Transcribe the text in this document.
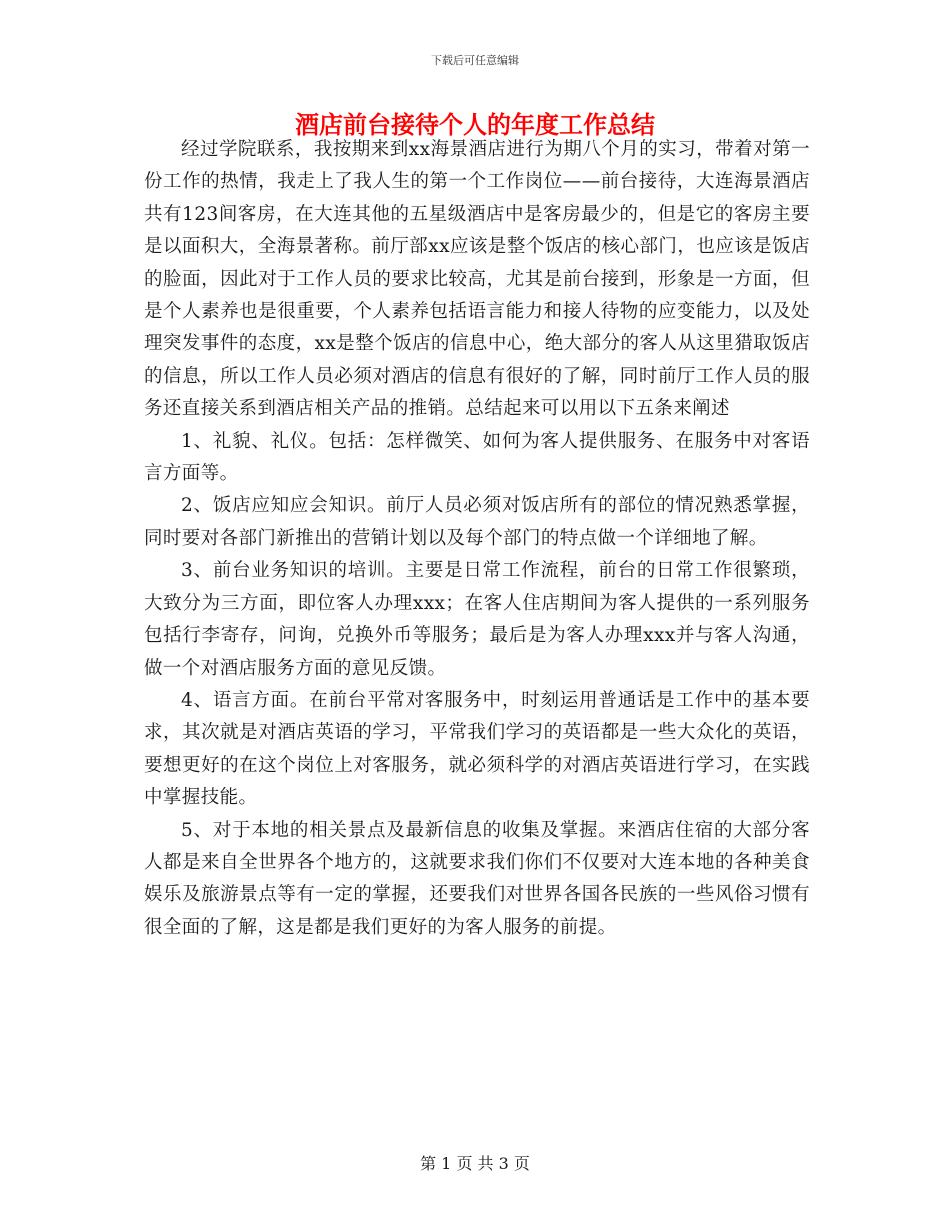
下载后可任意编辑
酒店前台接待个人的年度工作总结

经过学院联系，我按期来到xx海景酒店进行为期八个月的实习，带着对第一份工作的热情，我走上了我人生的第一个工作岗位——前台接待，大连海景酒店共有123间客房，在大连其他的五星级酒店中是客房最少的，但是它的客房主要是以面积大，全海景著称。前厅部xx应该是整个饭店的核心部门，也应该是饭店的脸面，因此对于工作人员的要求比较高，尤其是前台接到，形象是一方面，但是个人素养也是很重要，个人素养包括语言能力和接人待物的应变能力，以及处理突发事件的态度，xx是整个饭店的信息中心，绝大部分的客人从这里猎取饭店的信息，所以工作人员必须对酒店的信息有很好的了解，同时前厅工作人员的服务还直接关系到酒店相关产品的推销。总结起来可以用以下五条来阐述

1、礼貌、礼仪。包括：怎样微笑、如何为客人提供服务、在服务中对客语言方面等。

2、饭店应知应会知识。前厅人员必须对饭店所有的部位的情况熟悉掌握，同时要对各部门新推出的营销计划以及每个部门的特点做一个详细地了解。

3、前台业务知识的培训。主要是日常工作流程，前台的日常工作很繁琐，大致分为三方面，即位客人办理xxx；在客人住店期间为客人提供的一系列服务包括行李寄存，问询，兑换外币等服务；最后是为客人办理xxx并与客人沟通，做一个对酒店服务方面的意见反馈。

4、语言方面。在前台平常对客服务中，时刻运用普通话是工作中的基本要求，其次就是对酒店英语的学习，平常我们学习的英语都是一些大众化的英语，要想更好的在这个岗位上对客服务，就必须科学的对酒店英语进行学习，在实践中掌握技能。

5、对于本地的相关景点及最新信息的收集及掌握。来酒店住宿的大部分客人都是来自全世界各个地方的，这就要求我们你们不仅要对大连本地的各种美食娱乐及旅游景点等有一定的掌握，还要我们对世界各国各民族的一些风俗习惯有很全面的了解，这是都是我们更好的为客人服务的前提。

第 1 页 共 3 页
